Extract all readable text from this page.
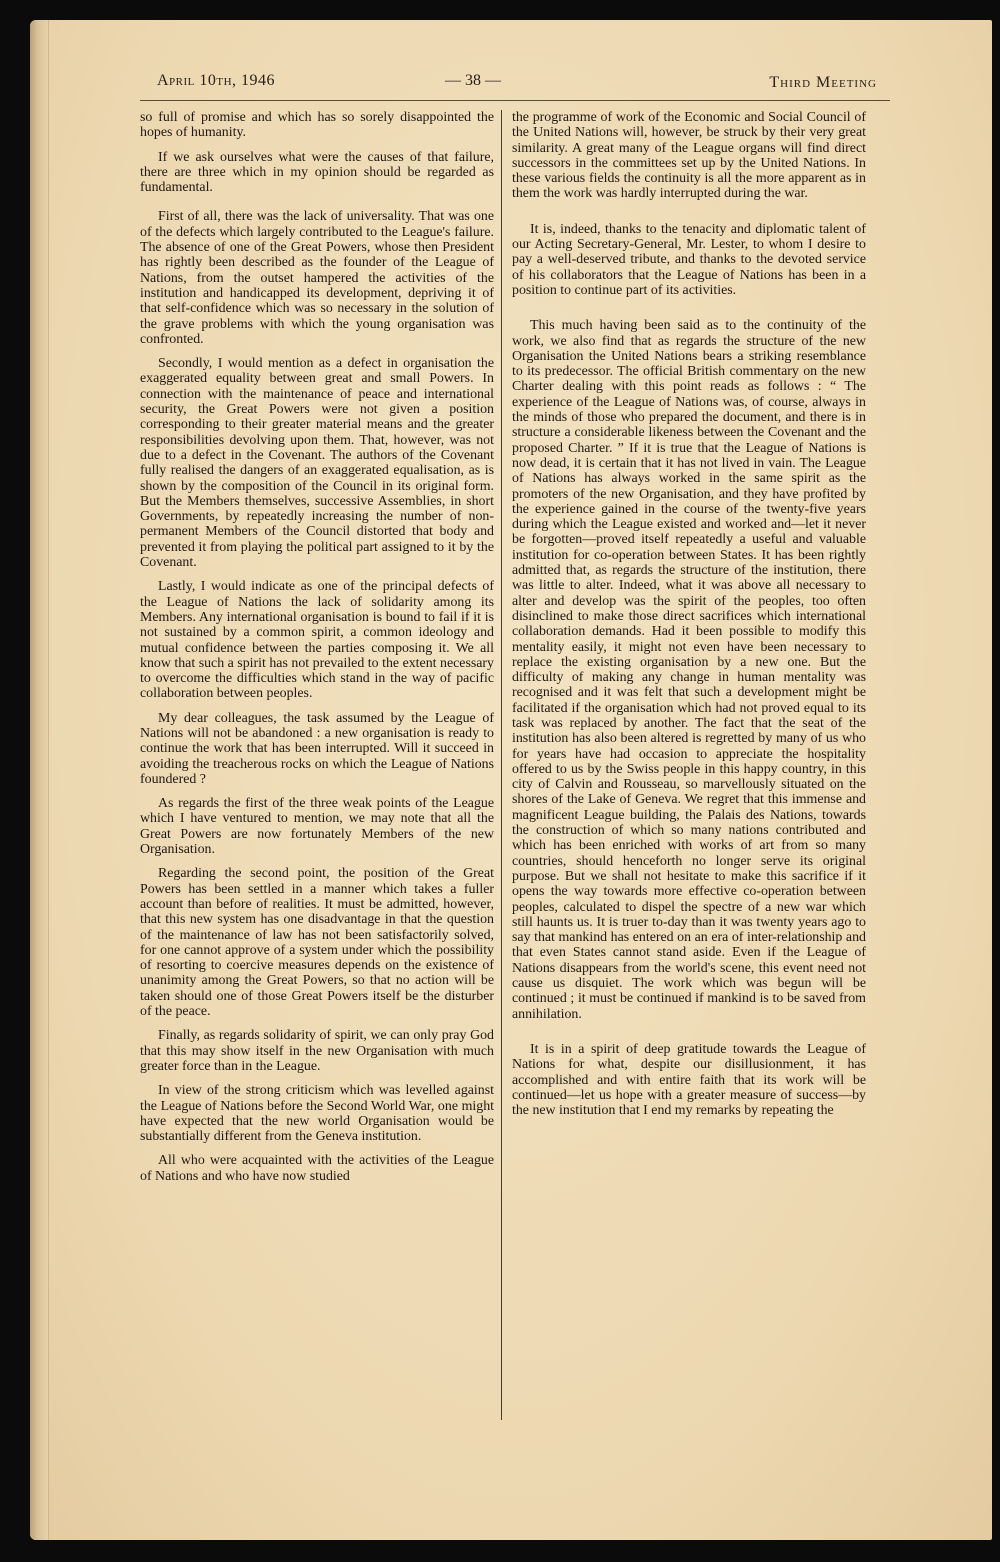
April 10th, 1946	— 38 —	Third Meeting

so full of promise and which has so sorely disappointed the hopes of humanity.

If we ask ourselves what were the causes of that failure, there are three which in my opinion should be regarded as fundamental.

First of all, there was the lack of universality. That was one of the defects which largely contributed to the League's failure. The absence of one of the Great Powers, whose then President has rightly been described as the founder of the League of Nations, from the outset hampered the activities of the institution and handicapped its development, depriving it of that self-confidence which was so necessary in the solution of the grave problems with which the young organisation was confronted.

Secondly, I would mention as a defect in organisation the exaggerated equality between great and small Powers. In connection with the maintenance of peace and international security, the Great Powers were not given a position corresponding to their greater material means and the greater responsibilities devolving upon them. That, however, was not due to a defect in the Covenant. The authors of the Covenant fully realised the dangers of an exaggerated equalisation, as is shown by the composition of the Council in its original form. But the Members themselves, successive Assemblies, in short Governments, by repeatedly increasing the number of non-permanent Members of the Council distorted that body and prevented it from playing the political part assigned to it by the Covenant.

Lastly, I would indicate as one of the principal defects of the League of Nations the lack of solidarity among its Members. Any international organisation is bound to fail if it is not sustained by a common spirit, a common ideology and mutual confidence between the parties composing it. We all know that such a spirit has not prevailed to the extent necessary to overcome the difficulties which stand in the way of pacific collaboration between peoples.

My dear colleagues, the task assumed by the League of Nations will not be abandoned : a new organisation is ready to continue the work that has been interrupted. Will it succeed in avoiding the treacherous rocks on which the League of Nations foundered ?

As regards the first of the three weak points of the League which I have ventured to mention, we may note that all the Great Powers are now fortunately Members of the new Organisation.

Regarding the second point, the position of the Great Powers has been settled in a manner which takes a fuller account than before of realities. It must be admitted, however, that this new system has one disadvantage in that the question of the maintenance of law has not been satisfactorily solved, for one cannot approve of a system under which the possibility of resorting to coercive measures depends on the existence of unanimity among the Great Powers, so that no action will be taken should one of those Great Powers itself be the disturber of the peace.

Finally, as regards solidarity of spirit, we can only pray God that this may show itself in the new Organisation with much greater force than in the League.

In view of the strong criticism which was levelled against the League of Nations before the Second World War, one might have expected that the new world Organisation would be substantially different from the Geneva institution.

All who were acquainted with the activities of the League of Nations and who have now studied

the programme of work of the Economic and Social Council of the United Nations will, however, be struck by their very great similarity. A great many of the League organs will find direct successors in the committees set up by the United Nations. In these various fields the continuity is all the more apparent as in them the work was hardly interrupted during the war.

It is, indeed, thanks to the tenacity and diplomatic talent of our Acting Secretary-General, Mr. Lester, to whom I desire to pay a well-deserved tribute, and thanks to the devoted service of his collaborators that the League of Nations has been in a position to continue part of its activities.

This much having been said as to the continuity of the work, we also find that as regards the structure of the new Organisation the United Nations bears a striking resemblance to its predecessor. The official British commentary on the new Charter dealing with this point reads as follows : “ The experience of the League of Nations was, of course, always in the minds of those who prepared the document, and there is in structure a considerable likeness between the Covenant and the proposed Charter. ” If it is true that the League of Nations is now dead, it is certain that it has not lived in vain. The League of Nations has always worked in the same spirit as the promoters of the new Organisation, and they have profited by the experience gained in the course of the twenty-five years during which the League existed and worked and—let it never be forgotten—proved itself repeatedly a useful and valuable institution for co-operation between States. It has been rightly admitted that, as regards the structure of the institution, there was little to alter. Indeed, what it was above all necessary to alter and develop was the spirit of the peoples, too often disinclined to make those direct sacrifices which international collaboration demands. Had it been possible to modify this mentality easily, it might not even have been necessary to replace the existing organisation by a new one. But the difficulty of making any change in human mentality was recognised and it was felt that such a development might be facilitated if the organisation which had not proved equal to its task was replaced by another. The fact that the seat of the institution has also been altered is regretted by many of us who for years have had occasion to appreciate the hospitality offered to us by the Swiss people in this happy country, in this city of Calvin and Rousseau, so marvellously situated on the shores of the Lake of Geneva. We regret that this immense and magnificent League building, the Palais des Nations, towards the construction of which so many nations contributed and which has been enriched with works of art from so many countries, should henceforth no longer serve its original purpose. But we shall not hesitate to make this sacrifice if it opens the way towards more effective co-operation between peoples, calculated to dispel the spectre of a new war which still haunts us. It is truer to-day than it was twenty years ago to say that mankind has entered on an era of inter-relationship and that even States cannot stand aside. Even if the League of Nations disappears from the world's scene, this event need not cause us disquiet. The work which was begun will be continued ; it must be continued if mankind is to be saved from annihilation.

It is in a spirit of deep gratitude towards the League of Nations for what, despite our disillusionment, it has accomplished and with entire faith that its work will be continued—let us hope with a greater measure of success—by the new institution that I end my remarks by repeating the
